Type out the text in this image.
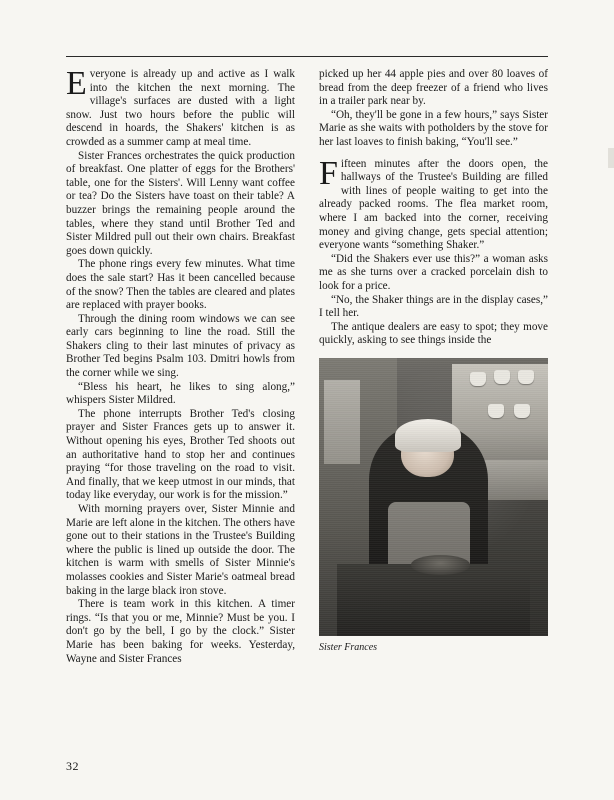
Everyone is already up and active as I walk into the kitchen the next morning. The village's surfaces are dusted with a light snow. Just two hours before the public will descend in hoards, the Shakers' kitchen is as crowded as a summer camp at meal time.

Sister Frances orchestrates the quick production of breakfast. One platter of eggs for the Brothers' table, one for the Sisters'. Will Lenny want coffee or tea? Do the Sisters have toast on their table? A buzzer brings the remaining people around the tables, where they stand until Brother Ted and Sister Mildred pull out their own chairs. Breakfast goes down quickly.

The phone rings every few minutes. What time does the sale start? Has it been cancelled because of the snow? Then the tables are cleared and plates are replaced with prayer books.

Through the dining room windows we can see early cars beginning to line the road. Still the Shakers cling to their last minutes of privacy as Brother Ted begins Psalm 103. Dmitri howls from the corner while we sing.

“Bless his heart, he likes to sing along,” whispers Sister Mildred.

The phone interrupts Brother Ted's closing prayer and Sister Frances gets up to answer it. Without opening his eyes, Brother Ted shoots out an authoritative hand to stop her and continues praying “for those traveling on the road to visit. And finally, that we keep utmost in our minds, that today like everyday, our work is for the mission.”

With morning prayers over, Sister Minnie and Marie are left alone in the kitchen. The others have gone out to their stations in the Trustee's Building where the public is lined up outside the door. The kitchen is warm with smells of Sister Minnie's molasses cookies and Sister Marie's oatmeal bread baking in the large black iron stove.

There is team work in this kitchen. A timer rings. “Is that you or me, Minnie? Must be you. I don't go by the bell, I go by the clock.” Sister Marie has been baking for weeks. Yesterday, Wayne and Sister Frances

picked up her 44 apple pies and over 80 loaves of bread from the deep freezer of a friend who lives in a trailer park near by.

“Oh, they'll be gone in a few hours,” says Sister Marie as she waits with potholders by the stove for her last loaves to finish baking, “You'll see.”

Fifteen minutes after the doors open, the hallways of the Trustee's Building are filled with lines of people waiting to get into the already packed rooms. The flea market room, where I am backed into the corner, receiving money and giving change, gets special attention; everyone wants “something Shaker.”

“Did the Shakers ever use this?” a woman asks me as she turns over a cracked porcelain dish to look for a price.

“No, the Shaker things are in the display cases,” I tell her.

The antique dealers are easy to spot; they move quickly, asking to see things inside the

Sister Frances

32
